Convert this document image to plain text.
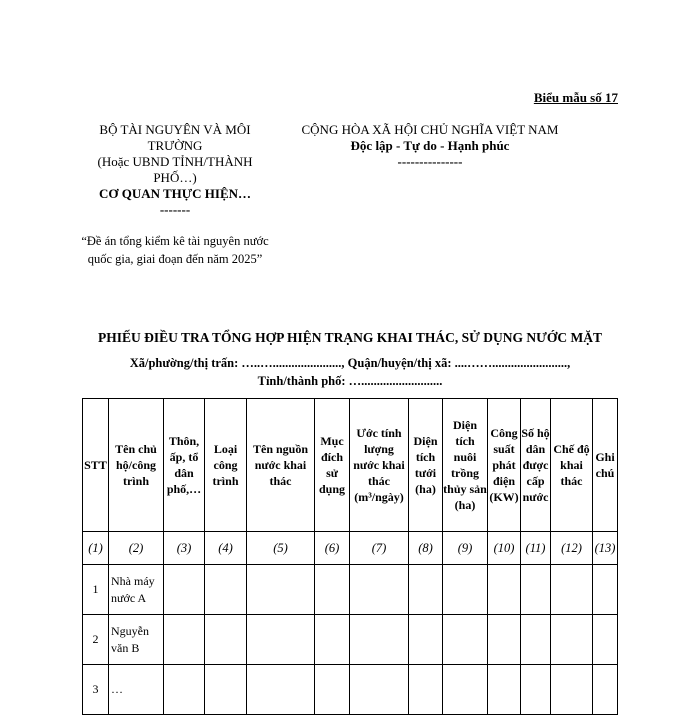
Biểu mẫu số 17
BỘ TÀI NGUYÊN VÀ MÔI TRƯỜNG
(Hoặc UBND TỈNH/THÀNH PHỐ…)
CƠ QUAN THỰC HIỆN…
-------
“Đề án tổng kiểm kê tài nguyên nước quốc gia, giai đoạn đến năm 2025”
CỘNG HÒA XÃ HỘI CHỦ NGHĨA VIỆT NAM
Độc lập - Tự do - Hạnh phúc
---------------
PHIẾU ĐIỀU TRA TỔNG HỢP HIỆN TRẠNG KHAI THÁC, SỬ DỤNG NƯỚC MẶT
Xã/phường/thị trấn: …..…......................, Quận/huyện/thị xã: ....……........................,
Tỉnh/thành phố: …..........................
STT	Tên chủ hộ/công trình	Thôn, ấp, tổ dân phố,…	Loại công trình	Tên nguồn nước khai thác	Mục đích sử dụng	Ước tính lượng nước khai thác (m³/ngày)	Diện tích tưới (ha)	Diện tích nuôi trồng thủy sản (ha)	Công suất phát điện (KW)	Số hộ dân được cấp nước	Chế độ khai thác	Ghi chú
(1)	(2)	(3)	(4)	(5)	(6)	(7)	(8)	(9)	(10)	(11)	(12)	(13)
1	Nhà máy nước A											
2	Nguyễn văn B											
3	…											
